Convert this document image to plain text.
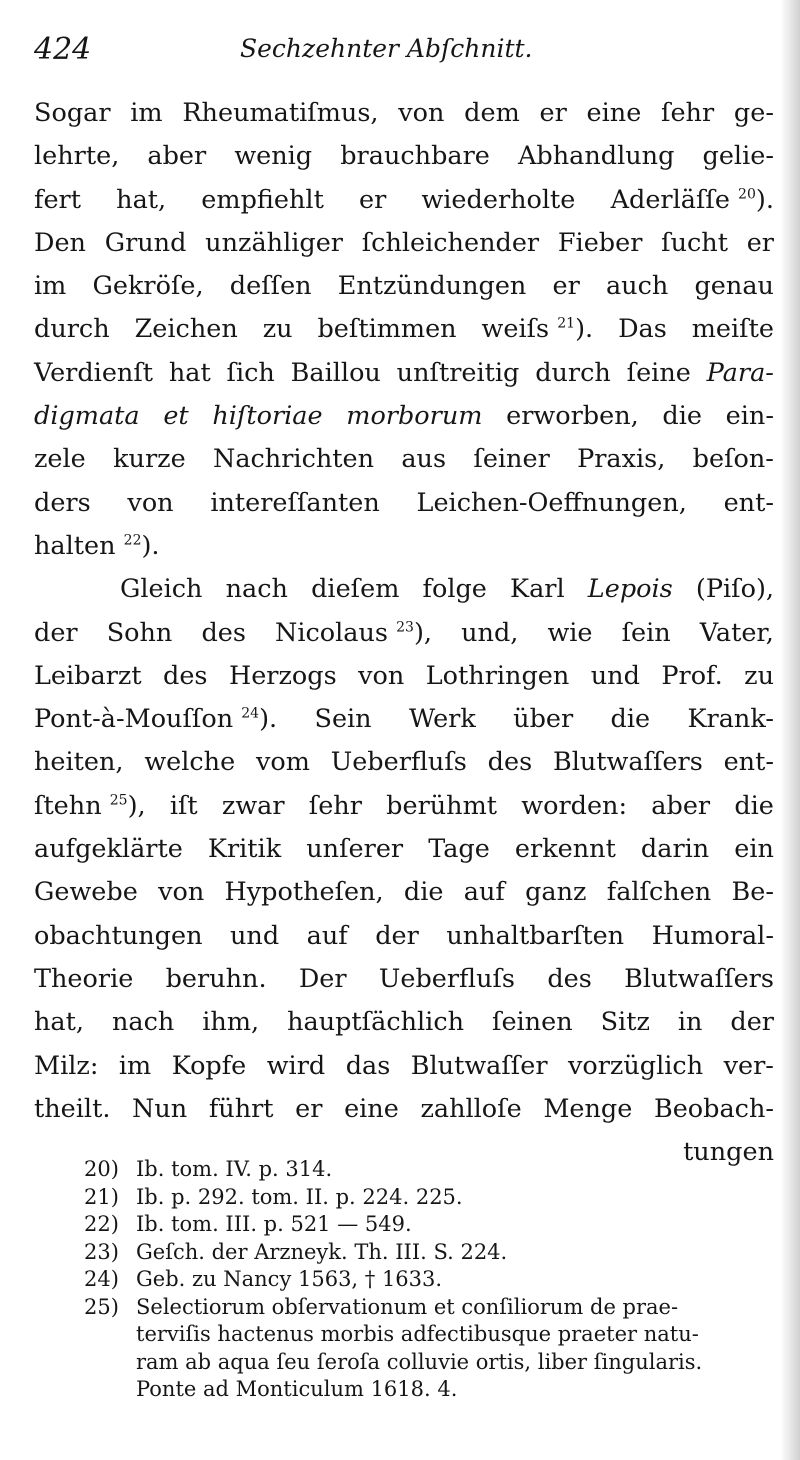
424	Sechzehnter Abſchnitt.
Sogar im Rheumatiſmus, von dem er eine ſehr ge-
lehrte, aber wenig brauchbare Abhandlung gelie-
fert hat, empfiehlt er wiederholte Aderläſſe $^{20}$).
Den Grund unzähliger ſchleichender Fieber ſucht er
im Gekröſe, deſſen Entzündungen er auch genau
durch Zeichen zu beſtimmen weiſs $^{21}$). Das meiſte
Verdienſt hat ſich Baillou unſtreitig durch ſeine Para-
digmata et hiſtoriae morborum erworben, die ein-
zele kurze Nachrichten aus ſeiner Praxis, beſon-
ders von intereſſanten Leichen-Oeffnungen, ent-
halten $^{22}$).
Gleich nach dieſem folge Karl Lepois (Piſo),
der Sohn des Nicolaus $^{23}$), und, wie ſein Vater,
Leibarzt des Herzogs von Lothringen und Prof. zu
Pont-à-Mouſſon $^{24}$). Sein Werk über die Krank-
heiten, welche vom Ueberfluſs des Blutwaſſers ent-
ſtehn $^{25}$), iſt zwar ſehr berühmt worden: aber die
aufgeklärte Kritik unſerer Tage erkennt darin ein
Gewebe von Hypotheſen, die auf ganz falſchen Be-
obachtungen und auf der unhaltbarſten Humoral-
Theorie beruhn. Der Ueberfluſs des Blutwaſſers
hat, nach ihm, hauptſächlich ſeinen Sitz in der
Milz: im Kopfe wird das Blutwaſſer vorzüglich ver-
theilt. Nun führt er eine zahlloſe Menge Beobach-
tungen
20) Ib. tom. IV. p. 314.
21) Ib. p. 292. tom. II. p. 224. 225.
22) Ib. tom. III. p. 521 — 549.
23) Geſch. der Arzneyk. Th. III. S. 224.
24) Geb. zu Nancy 1563, † 1633.
25) Selectiorum obſervationum et conſiliorum de prae-
terviſis hactenus morbis adfectibusque praeter natu-
ram ab aqua ſeu ſeroſa colluvie ortis, liber ſingularis.
Ponte ad Monticulum 1618. 4.
